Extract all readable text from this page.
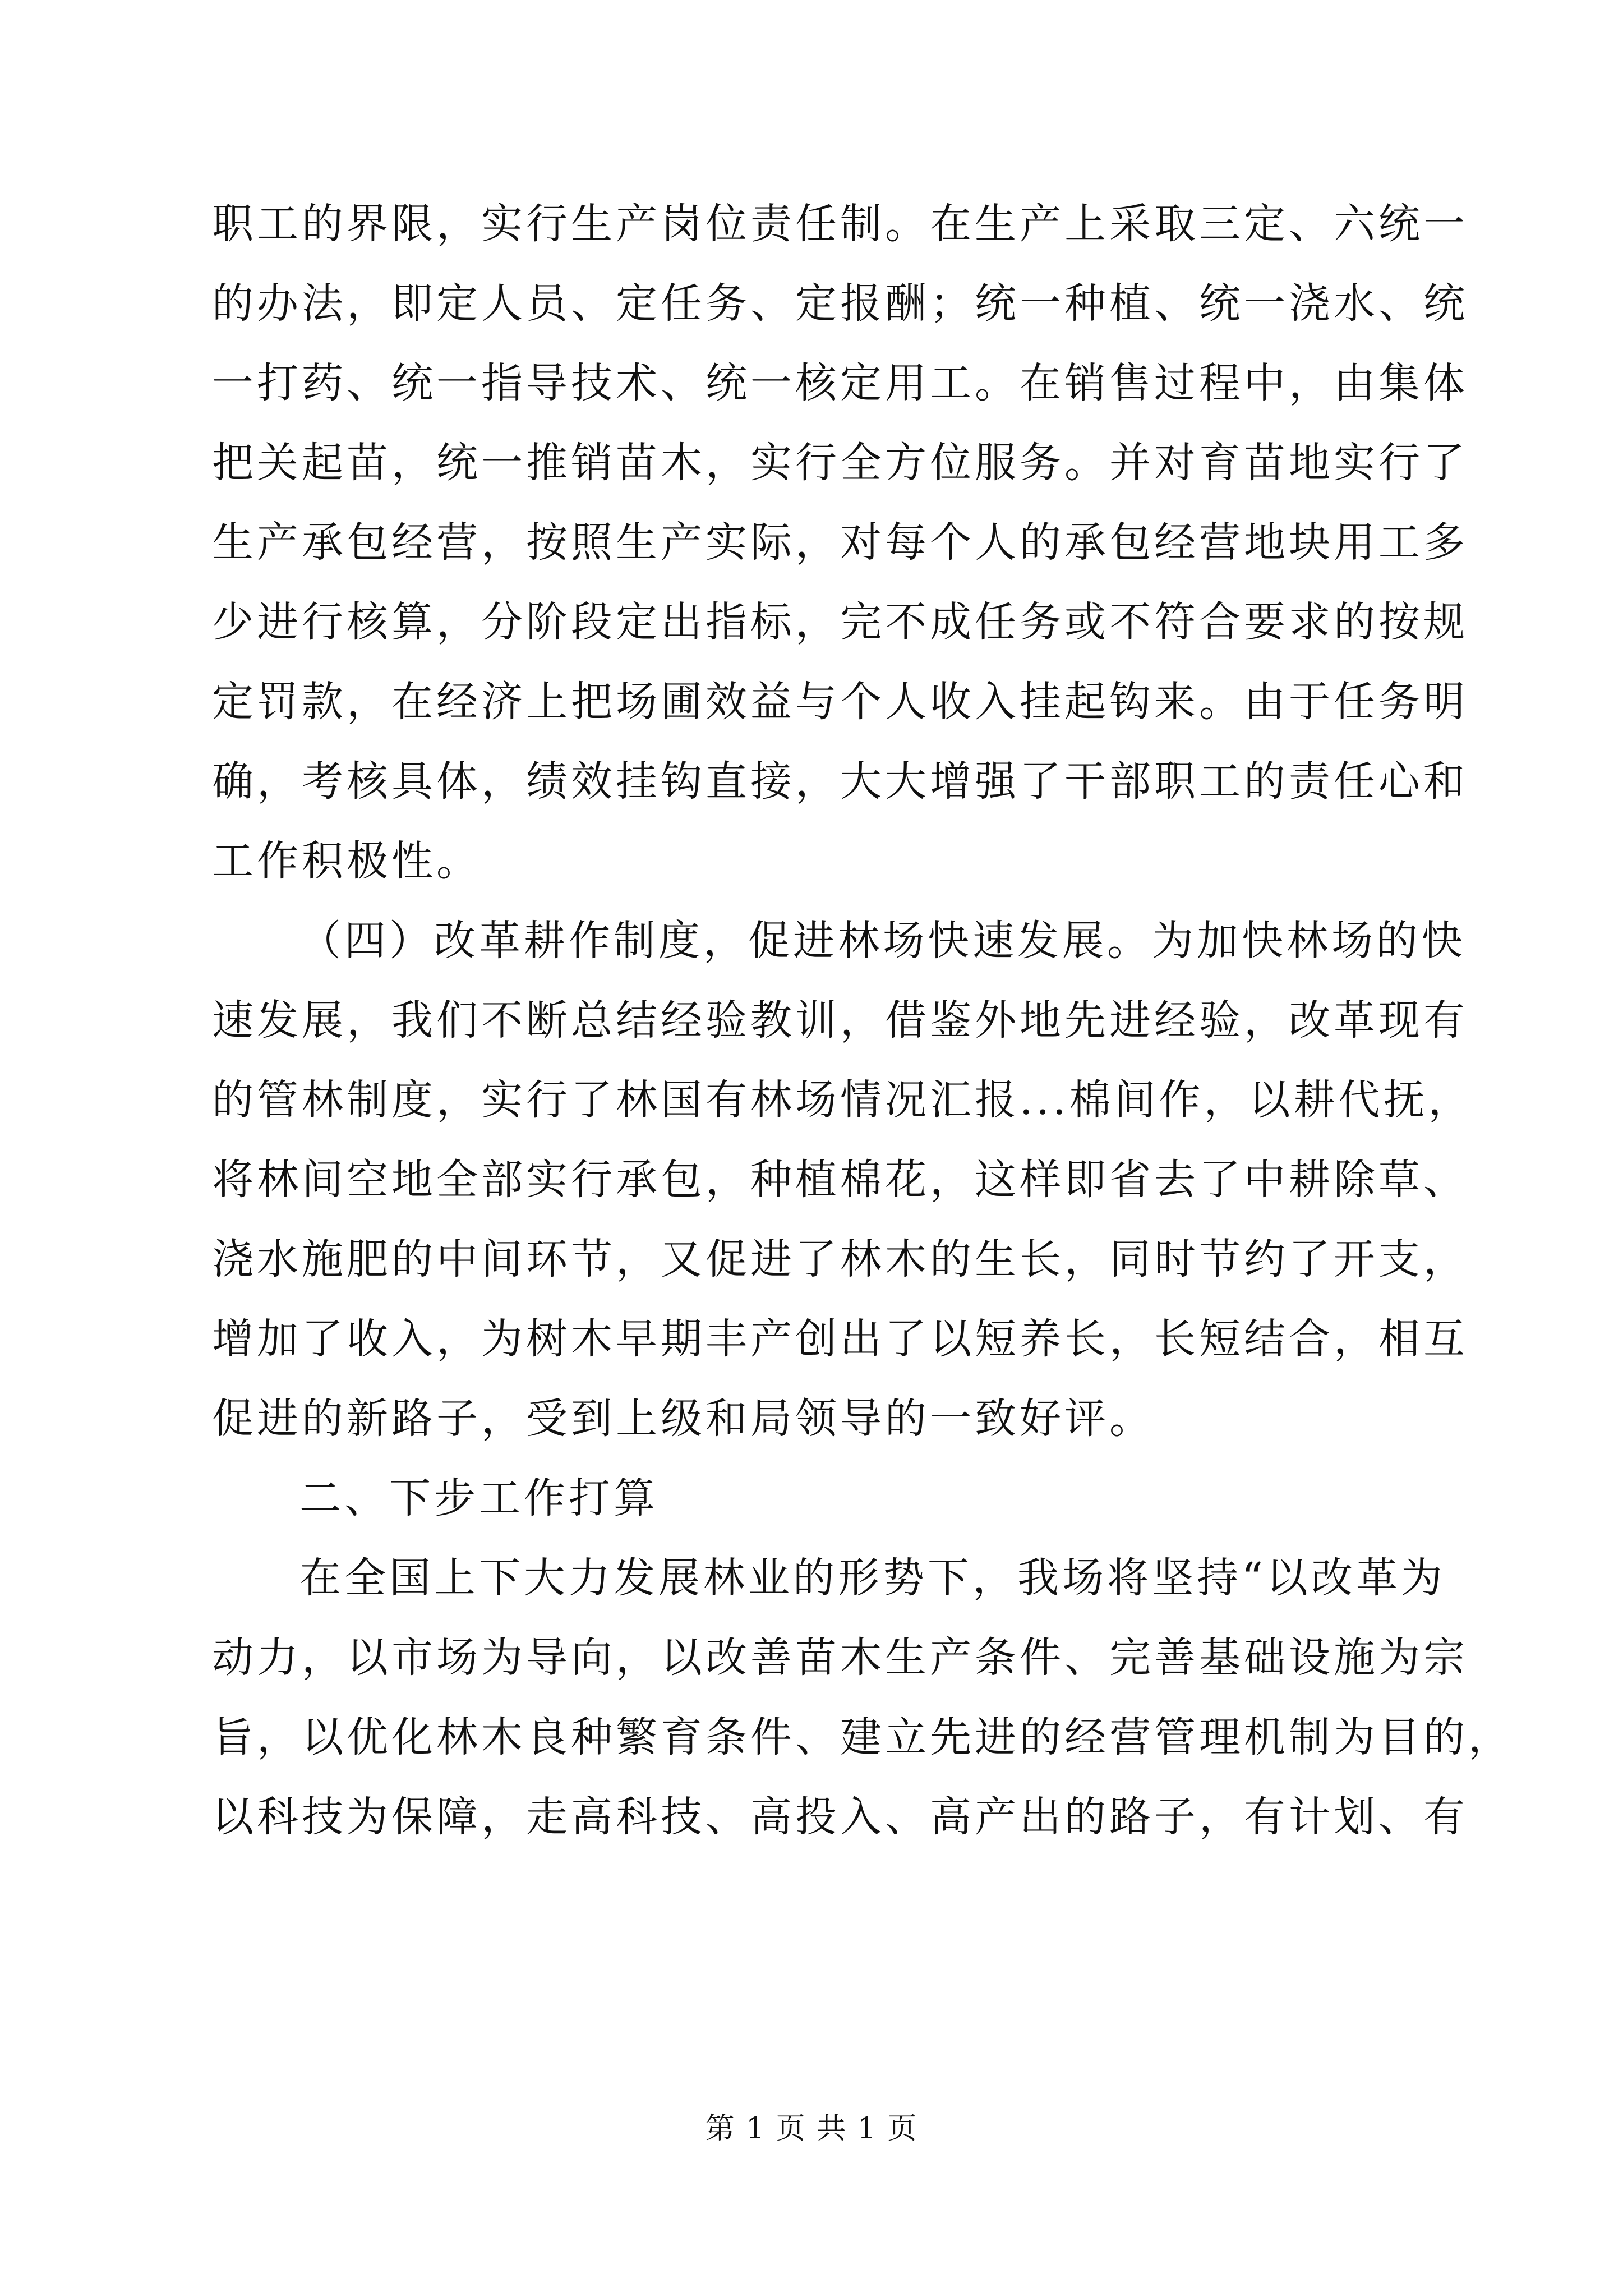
职工的界限，实行生产岗位责任制。在生产上采取三定、六统一
的办法，即定人员、定任务、定报酬；统一种植、统一浇水、统
一打药、统一指导技术、统一核定用工。在销售过程中，由集体
把关起苗，统一推销苗木，实行全方位服务。并对育苗地实行了
生产承包经营，按照生产实际，对每个人的承包经营地块用工多
少进行核算，分阶段定出指标，完不成任务或不符合要求的按规
定罚款，在经济上把场圃效益与个人收入挂起钩来。由于任务明
确，考核具体，绩效挂钩直接，大大增强了干部职工的责任心和
工作积极性。
（四）改革耕作制度，促进林场快速发展。为加快林场的快
速发展，我们不断总结经验教训，借鉴外地先进经验，改革现有
的管林制度，实行了林国有林场情况汇报...棉间作，以耕代抚，
将林间空地全部实行承包，种植棉花，这样即省去了中耕除草、
浇水施肥的中间环节，又促进了林木的生长，同时节约了开支，
增加了收入，为树木早期丰产创出了以短养长，长短结合，相互
促进的新路子，受到上级和局领导的一致好评。
二、下步工作打算
在全国上下大力发展林业的形势下，我场将坚持“以改革为
动力，以市场为导向，以改善苗木生产条件、完善基础设施为宗
旨，以优化林木良种繁育条件、建立先进的经营管理机制为目的，
以科技为保障，走高科技、高投入、高产出的路子，有计划、有
第 1 页 共 1 页
